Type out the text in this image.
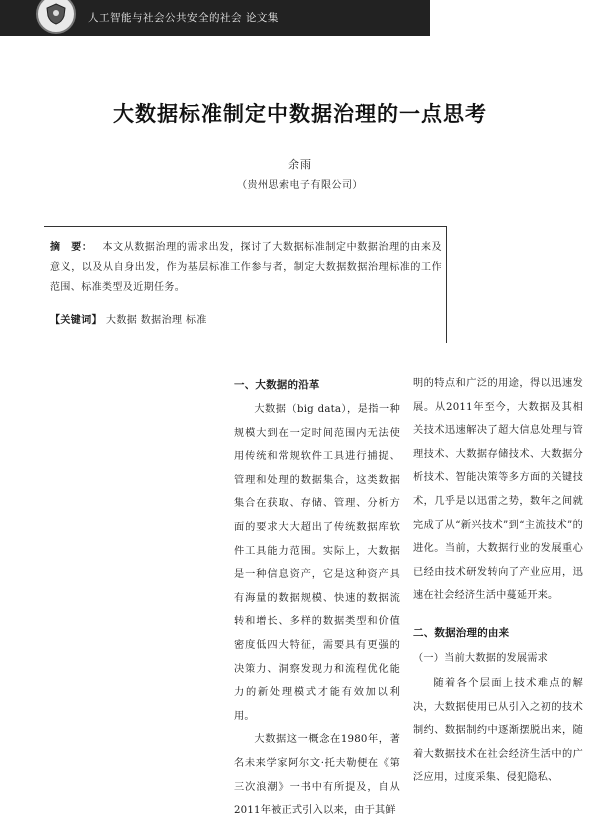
人工智能与社会公共安全的社会 论文集
大数据标准制定中数据治理的一点思考
余雨
（贵州思索电子有限公司）
摘　要： 本文从数据治理的需求出发，探讨了大数据标准制定中数据治理的由来及意义，以及从自身出发，作为基层标准工作参与者，制定大数据数据治理标准的工作范围、标准类型及近期任务。
【关键词】 大数据 数据治理 标准
一、大数据的沿革

大数据（big data），是指一种规模大到在一定时间范围内无法使用传统和常规软件工具进行捕捉、管理和处理的数据集合，这类数据集合在获取、存储、管理、分析方面的要求大大超出了传统数据库软件工具能力范围。实际上，大数据是一种信息资产，它是这种资产具有海量的数据规模、快速的数据流转和增长、多样的数据类型和价值密度低四大特征，需要具有更强的决策力、洞察发现力和流程优化能力的新处理模式才能有效加以利用。

大数据这一概念在1980年，著名未来学家阿尔文·托夫勒便在《第三次浪潮》一书中有所提及，自从2011年被正式引入以来，由于其鲜

明的特点和广泛的用途，得以迅速发展。从2011年至今，大数据及其相关技术迅速解决了超大信息处理与管理技术、大数据存储技术、大数据分析技术、智能决策等多方面的关键技术，几乎是以迅雷之势，数年之间就完成了从“新兴技术”到“主流技术”的进化。当前，大数据行业的发展重心已经由技术研发转向了产业应用，迅速在社会经济生活中蔓延开来。

二、数据治理的由来
（一）当前大数据的发展需求

随着各个层面上技术难点的解决，大数据使用已从引入之初的技术制约、数据制约中逐渐摆脱出来，随着大数据技术在社会经济生活中的广泛应用，过度采集、侵犯隐私、
